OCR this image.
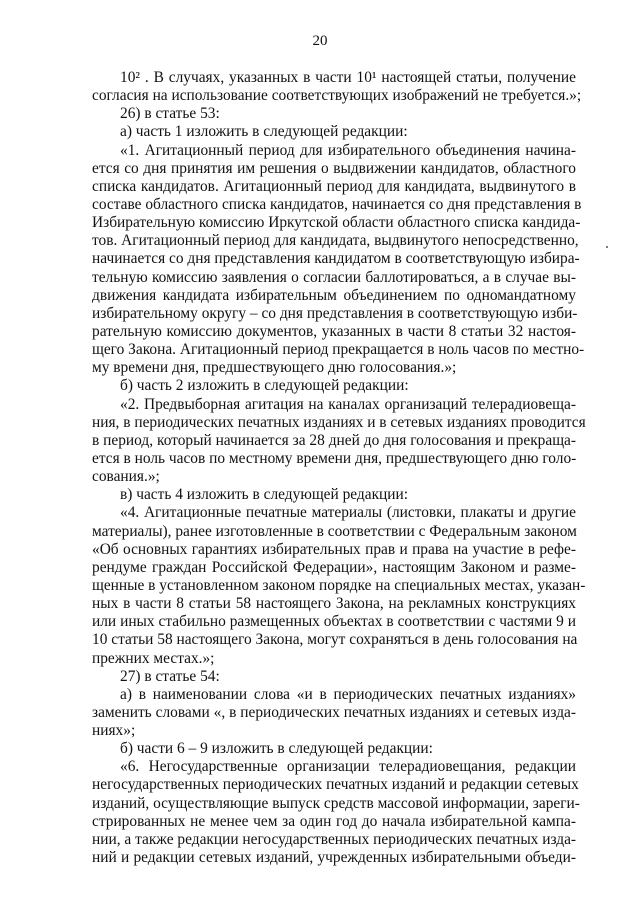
20
10² . В случаях, указанных в части 10¹ настоящей статьи, получение
согласия на использование соответствующих изображений не требуется.»;
26) в статье 53:
а) часть 1 изложить в следующей редакции:
«1. Агитационный период для избирательного объединения начина-
ется со дня принятия им решения о выдвижении кандидатов, областного
списка кандидатов. Агитационный период для кандидата, выдвинутого в
составе областного списка кандидатов, начинается со дня представления в
Избирательную комиссию Иркутской области областного списка кандидa-
тов. Агитационный период для кандидата, выдвинутого непосредственно,
начинается со дня представления кандидатом в соответствующую избира-
тельную комиссию заявления о согласии баллотироваться, а в случае вы-
движения кандидата избирательным объединением по одномандатному
избирательному округу – со дня представления в соответствующую изби-
рательную комиссию документов, указанных в части 8 статьи 32 настоя-
щего Закона. Агитационный период прекращается в ноль часов по местно-
му времени дня, предшествующего дню голосования.»;
б) часть 2 изложить в следующей редакции:
«2. Предвыборная агитация на каналах организаций телерадиовеща-
ния, в периодических печатных изданиях и в сетевых изданиях проводится
в период, который начинается за 28 дней до дня голосования и прекраща-
ется в ноль часов по местному времени дня, предшествующего дню голо-
сования.»;
в) часть 4 изложить в следующей редакции:
«4. Агитационные печатные материалы (листовки, плакаты и другие
материалы), ранее изготовленные в соответствии с Федеральным законом
«Об основных гарантиях избирательных прав и права на участие в рефе-
рендуме граждан Российской Федерации», настоящим Законом и разме-
щенные в установленном законом порядке на специальных местах, указан-
ных в части 8 статьи 58 настоящего Закона, на рекламных конструкциях
или иных стабильно размещенных объектах в соответствии с частями 9 и
10 статьи 58 настоящего Закона, могут сохраняться в день голосования на
прежних местах.»;
27) в статье 54:
а) в наименовании слова «и в периодических печатных изданиях»
заменить словами «, в периодических печатных изданиях и сетевых изда-
ниях»;
б) части 6 – 9 изложить в следующей редакции:
«6. Негосударственные организации телерадиовещания, редакции
негосударственных периодических печатных изданий и редакции сетевых
изданий, осуществляющие выпуск средств массовой информации, зареги-
стрированных не менее чем за один год до начала избирательной кампа-
нии, а также редакции негосударственных периодических печатных изда-
ний и редакции сетевых изданий, учрежденных избирательными объеди-
